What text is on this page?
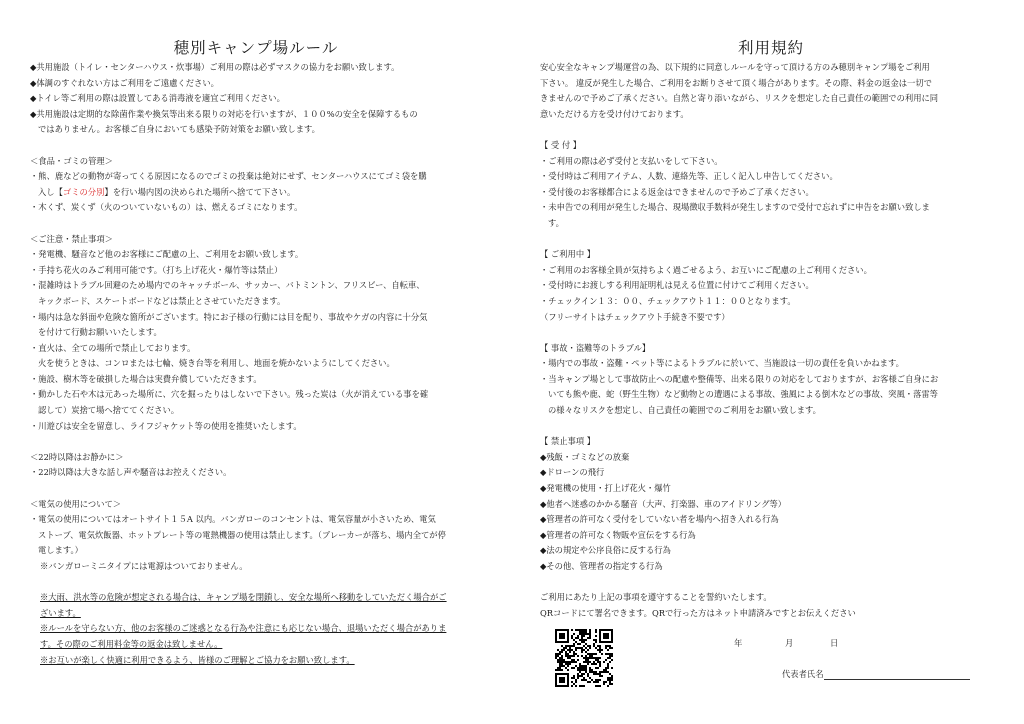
穂別キャンプ場ルール

◆共用施設（トイレ・センターハウス・炊事場）ご利用の際は必ずマスクの協力をお願い致します。

◆体調のすぐれない方はご利用をご遠慮ください。

◆トイレ等ご利用の際は設置してある消毒液を適宜ご利用ください。

◆共用施設は定期的な除菌作業や換気等出来る限りの対応を行いますが、１００%の安全を保障するもの

ではありません。お客様ご自身においても感染予防対策をお願い致します。

＜食品・ゴミの管理＞

・熊、鹿などの動物が寄ってくる原因になるのでゴミの投棄は絶対にせず、センターハウスにてゴミ袋を購

入し【ゴミの分別】を行い場内図の決められた場所へ捨てて下さい。

・木くず、炭くず（火のついていないもの）は、燃えるゴミになります。

＜ご注意・禁止事項＞

・発電機、騒音など他のお客様にご配慮の上、ご利用をお願い致します。

・手持ち花火のみご利用可能です。（打ち上げ花火・爆竹等は禁止）

・混雑時はトラブル回避のため場内でのキャッチボール、サッカー、バトミントン、フリスビー、自転車、

キックボード、スケートボードなどは禁止とさせていただきます。

・場内は急な斜面や危険な箇所がございます。特にお子様の行動には目を配り、事故やケガの内容に十分気

を付けて行動お願いいたします。

・直火は、全ての場所で禁止しております。

火を使うときは、コンロまたは七輪、焼き台等を利用し、地面を焼かないようにしてください。

・施設、樹木等を破損した場合は実費弁償していただきます。

・動かした石や木は元あった場所に、穴を掘ったりはしないで下さい。残った炭は（火が消えている事を確

認して）炭捨て場へ捨ててください。

・川遊びは安全を留意し、ライフジャケット等の使用を推奨いたします。

＜22時以降はお静かに＞

・22時以降は大きな話し声や騒音はお控えください。

＜電気の使用について＞

・電気の使用についてはオートサイト１５A 以内。バンガローのコンセントは、電気容量が小さいため、電気

ストーブ、電気炊飯器、ホットプレート等の電熱機器の使用は禁止します。（ブレーカーが落ち、場内全てが停

電します。）

※バンガローミニタイプには電源はついておりません。

※大雨、洪水等の危険が想定される場合は、キャンプ場を閉鎖し、安全な場所へ移動をしていただく場合がご

ざいます。

※ルールを守らない方、他のお客様のご迷惑となる行為や注意にも応じない場合、退場いただく場合がありま

す。その際のご利用料金等の返金は致しません。

※お互いが楽しく快適に利用できるよう、皆様のご理解とご協力をお願い致します。

利用規約

安心安全なキャンプ場運営の為、以下規約に同意しルールを守って頂ける方のみ穂別キャンプ場をご利用

下さい。 違反が発生した場合、ご利用をお断りさせて頂く場合があります。その際、料金の返金は一切で

きませんので予めご了承ください。自然と寄り添いながら、リスクを想定した自己責任の範囲での利用に同

意いただける方を受け付けております。

【 受 付 】

・ご利用の際は必ず受付と支払いをして下さい。

・受付時はご利用アイテム、人数、連絡先等、正しく記入し申告してください。

・受付後のお客様都合による返金はできませんので予めご了承ください。

・未申告での利用が発生した場合、現場徴収手数料が発生しますので受付で忘れずに申告をお願い致しま

す。

【 ご利用中 】

・ご利用のお客様全員が気持ちよく過ごせるよう、お互いにご配慮の上ご利用ください。

・受付時にお渡しする利用証明札は見える位置に付けてご利用ください。

・チェックイン１３：００、チェックアウト１１：００となります。

（フリーサイトはチェックアウト手続き不要です）

【 事故・盗難等のトラブル】

・場内での事故・盗難・ペット等によるトラブルに於いて、当施設は一切の責任を負いかねます。

・当キャンプ場として事故防止への配慮や整備等、出来る限りの対応をしておりますが、お客様ご自身にお

いても熊や鹿、蛇（野生生物）など動物との遭遇による事故、強風による倒木などの事故、突風・落雷等

の様々なリスクを想定し、自己責任の範囲でのご利用をお願い致します。

【 禁止事項 】

◆残飯・ゴミなどの放棄

◆ドローンの飛行

◆発電機の使用・打上げ花火・爆竹

◆他者へ迷惑のかかる騒音（大声、打楽器、車のアイドリング等）

◆管理者の許可なく受付をしていない者を場内へ招き入れる行為

◆管理者の許可なく物販や宣伝をする行為

◆法の規定や公序良俗に反する行為

◆その他、管理者の指定する行為

ご利用にあたり上記の事項を遵守することを誓約いたします。

QRコードにて署名できます。QRで行った方はネット申請済みですとお伝えください

年	月	日
代表者氏名
